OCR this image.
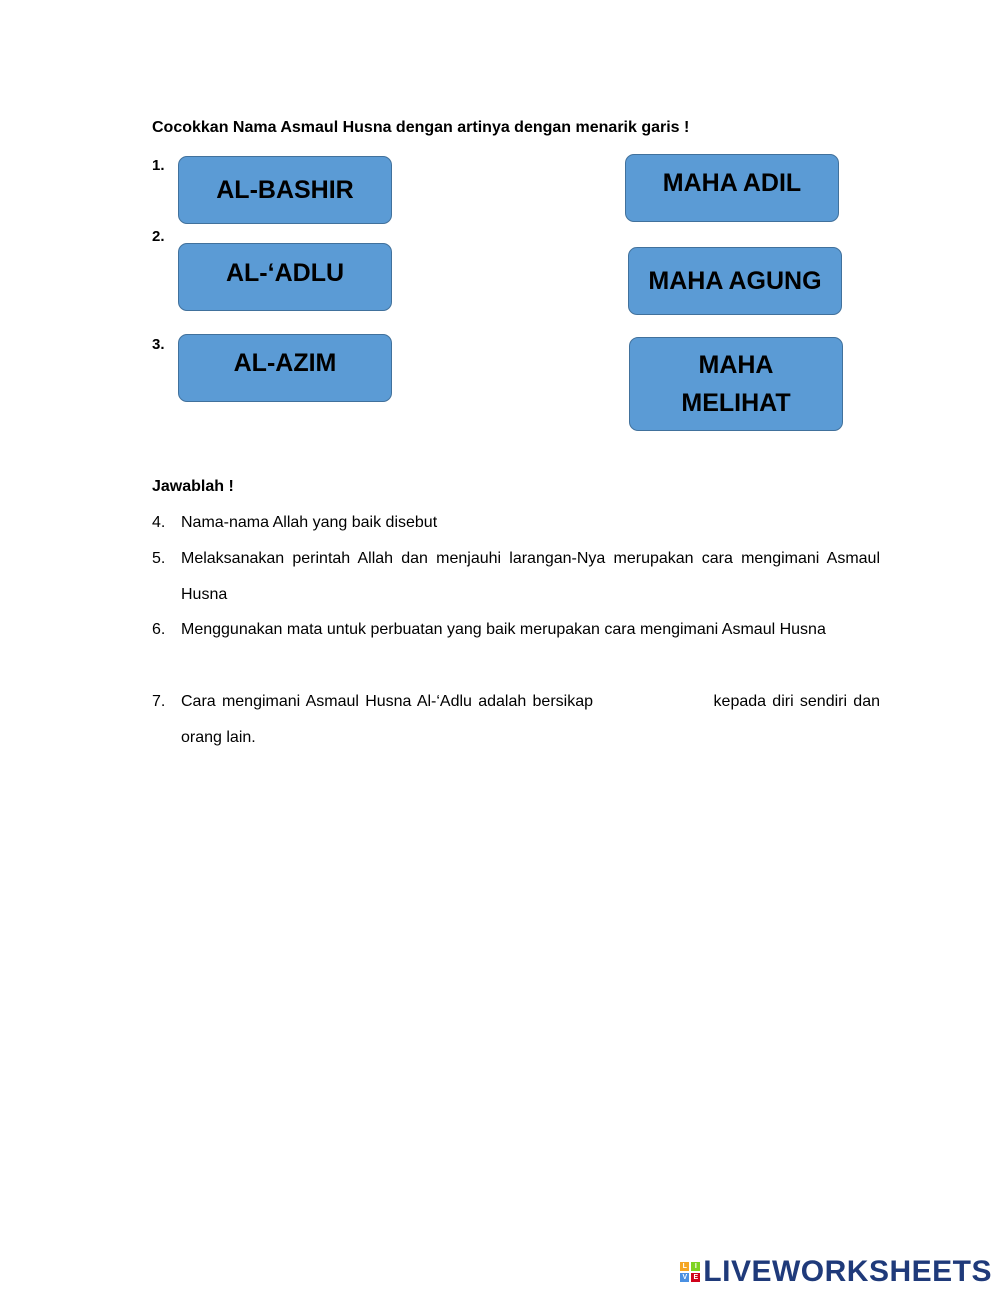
Cocokkan Nama Asmaul Husna dengan artinya dengan menarik garis !
1.
2.
3.
AL-BASHIR
AL-‘ADLU
AL-AZIM
MAHA ADIL
MAHA AGUNG
MAHA MELIHAT
Jawablah !
4. Nama-nama Allah yang baik disebut
5. Melaksanakan perintah Allah dan menjauhi larangan-Nya merupakan cara mengimani Asmaul Husna
6. Menggunakan mata untuk perbuatan yang baik merupakan cara mengimani Asmaul Husna
7. Cara mengimani Asmaul Husna Al-‘Adlu adalah bersikap	kepada diri sendiri dan orang lain.
L	I
V E LIVEWORKSHEETS
